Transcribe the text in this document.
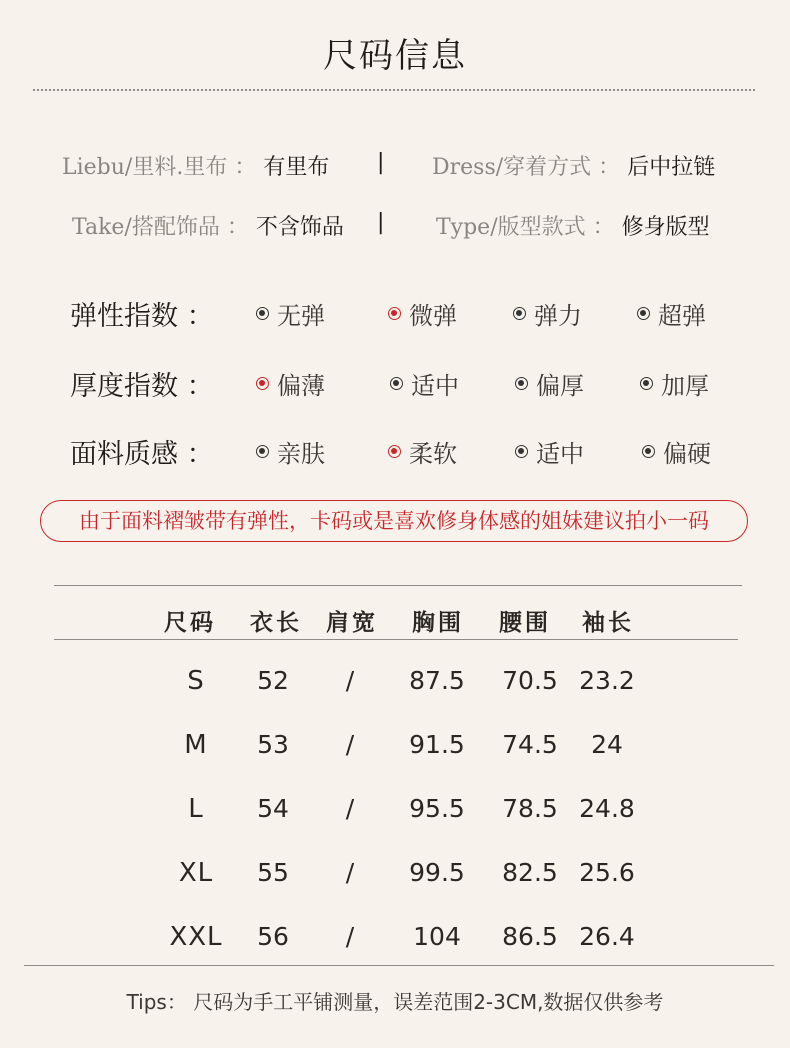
尺码信息
Liebu/里料.里布 ： 有里布 | Dress/穿着方式 ： 后中拉链
Take/搭配饰品 ： 不含饰品 | Type/版型款式 ： 修身版型
弹性指数 ：	无弹	微弹	弹力	超弹
厚度指数 ：	偏薄	适中	偏厚	加厚
面料质感 ：	亲肤	柔软	适中	偏硬
由于面料褶皱带有弹性，卡码或是喜欢修身体感的姐妹建议拍小一码
尺码	衣长	肩宽	胸围	腰围	袖长
S	52	/	87.5	70.5 23.2
M	53	/	91.5	74.5	24
L	54	/	95.5	78.5 24.8
XL	55	/	99.5	82.5 25.6
XXL	56	/	104	86.5 26.4
Tips： 尺码为手工平铺测量，误差范围2-3CM,数据仅供参考
